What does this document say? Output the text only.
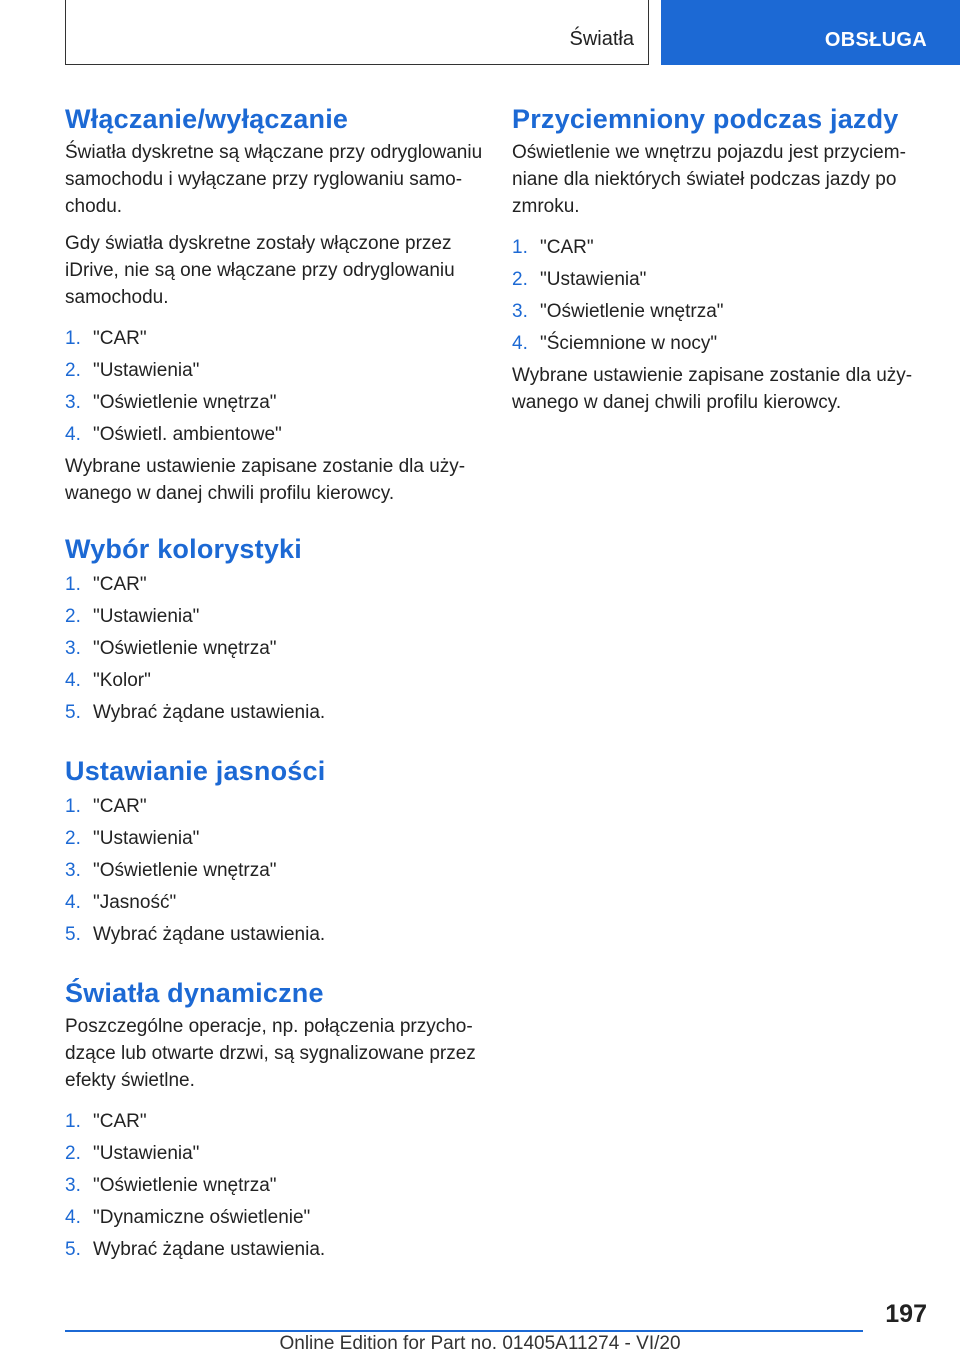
Światła	OBSŁUGA
Włączanie/wyłączanie

Światła dyskretne są włączane przy odryglowaniu samochodu i wyłączane przy ryglowaniu samochodu.

Gdy światła dyskretne zostały włączone przez iDrive, nie są one włączane przy odryglowaniu samochodu.

1. "CAR"
2. "Ustawienia"
3. "Oświetlenie wnętrza"
4. "Oświetl. ambientowe"

Wybrane ustawienie zapisane zostanie dla używanego w danej chwili profilu kierowcy.

Wybór kolorystyki
1. "CAR"
2. "Ustawienia"
3. "Oświetlenie wnętrza"
4. "Kolor"
5. Wybrać żądane ustawienia.
Ustawianie jasności
1. "CAR"
2. "Ustawienia"
3. "Oświetlenie wnętrza"
4. "Jasność"
5. Wybrać żądane ustawienia.
Światła dynamiczne

Poszczególne operacje, np. połączenia przychodzące lub otwarte drzwi, są sygnalizowane przez efekty świetlne.

1. "CAR"
2. "Ustawienia"
3. "Oświetlenie wnętrza"
4. "Dynamiczne oświetlenie"
5. Wybrać żądane ustawienia.
Przyciemniony podczas jazdy

Oświetlenie we wnętrzu pojazdu jest przyciemniane dla niektórych świateł podczas jazdy po zmroku.

1. "CAR"
2. "Ustawienia"
3. "Oświetlenie wnętrza"
4. "Ściemnione w nocy"

Wybrane ustawienie zapisane zostanie dla używanego w danej chwili profilu kierowcy.

197
Online Edition for Part no. 01405A11274 - VI/20
